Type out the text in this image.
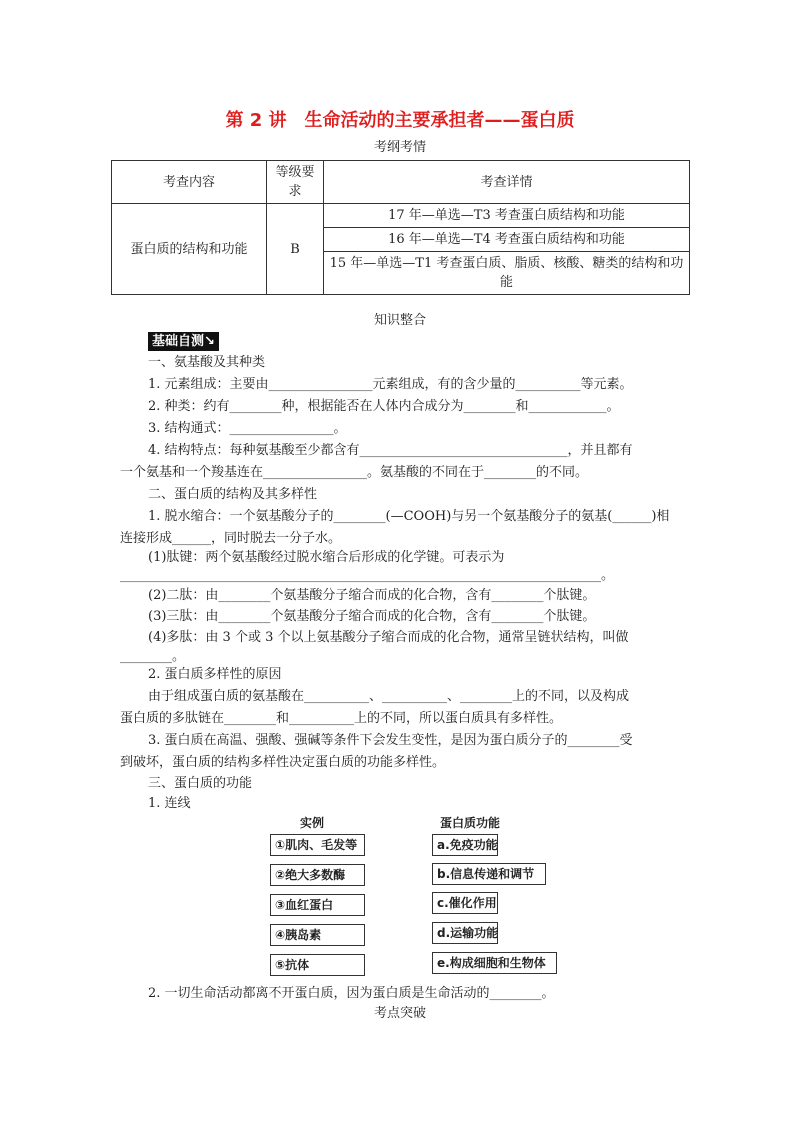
第 2 讲　生命活动的主要承担者——蛋白质
考纲考情
考查内容	等级要求	考查详情
蛋白质的结构和功能	B	17 年—单选—T3 考查蛋白质结构和功能
		16 年—单选—T4 考查蛋白质结构和功能
		15 年—单选—T1 考查蛋白质、脂质、核酸、糖类的结构和功能
知识整合
基础自测↘
一、氨基酸及其种类
1. 元素组成：主要由________________元素组成，有的含少量的__________等元素。
2. 种类：约有________种，根据能否在人体内合成分为________和____________。
3. 结构通式：________________。
4. 结构特点：每种氨基酸至少都含有________________________________，并且都有
一个氨基和一个羧基连在________________。氨基酸的不同在于________的不同。
二、蛋白质的结构及其多样性
1. 脱水缩合：一个氨基酸分子的________(—COOH)与另一个氨基酸分子的氨基(______)相
连接形成______，同时脱去一分子水。
(1)肽键：两个氨基酸经过脱水缩合后形成的化学键。可表示为
__________________________________________________________________________。
(2)二肽：由________个氨基酸分子缩合而成的化合物，含有________个肽键。
(3)三肽：由________个氨基酸分子缩合而成的化合物，含有________个肽键。
(4)多肽：由 3 个或 3 个以上氨基酸分子缩合而成的化合物，通常呈链状结构，叫做
________。
2. 蛋白质多样性的原因
由于组成蛋白质的氨基酸在__________、__________、________上的不同，以及构成
蛋白质的多肽链在________和__________上的不同，所以蛋白质具有多样性。
3. 蛋白质在高温、强酸、强碱等条件下会发生变性，是因为蛋白质分子的________受
到破坏，蛋白质的结构多样性决定蛋白质的功能多样性。
三、蛋白质的功能
1. 连线
实例	蛋白质功能
①肌肉、毛发等
②绝大多数酶
③血红蛋白
④胰岛素
⑤抗体
a.免疫功能
b.信息传递和调节
c.催化作用
d.运输功能
e.构成细胞和生物体
2. 一切生命活动都离不开蛋白质，因为蛋白质是生命活动的________。
考点突破
